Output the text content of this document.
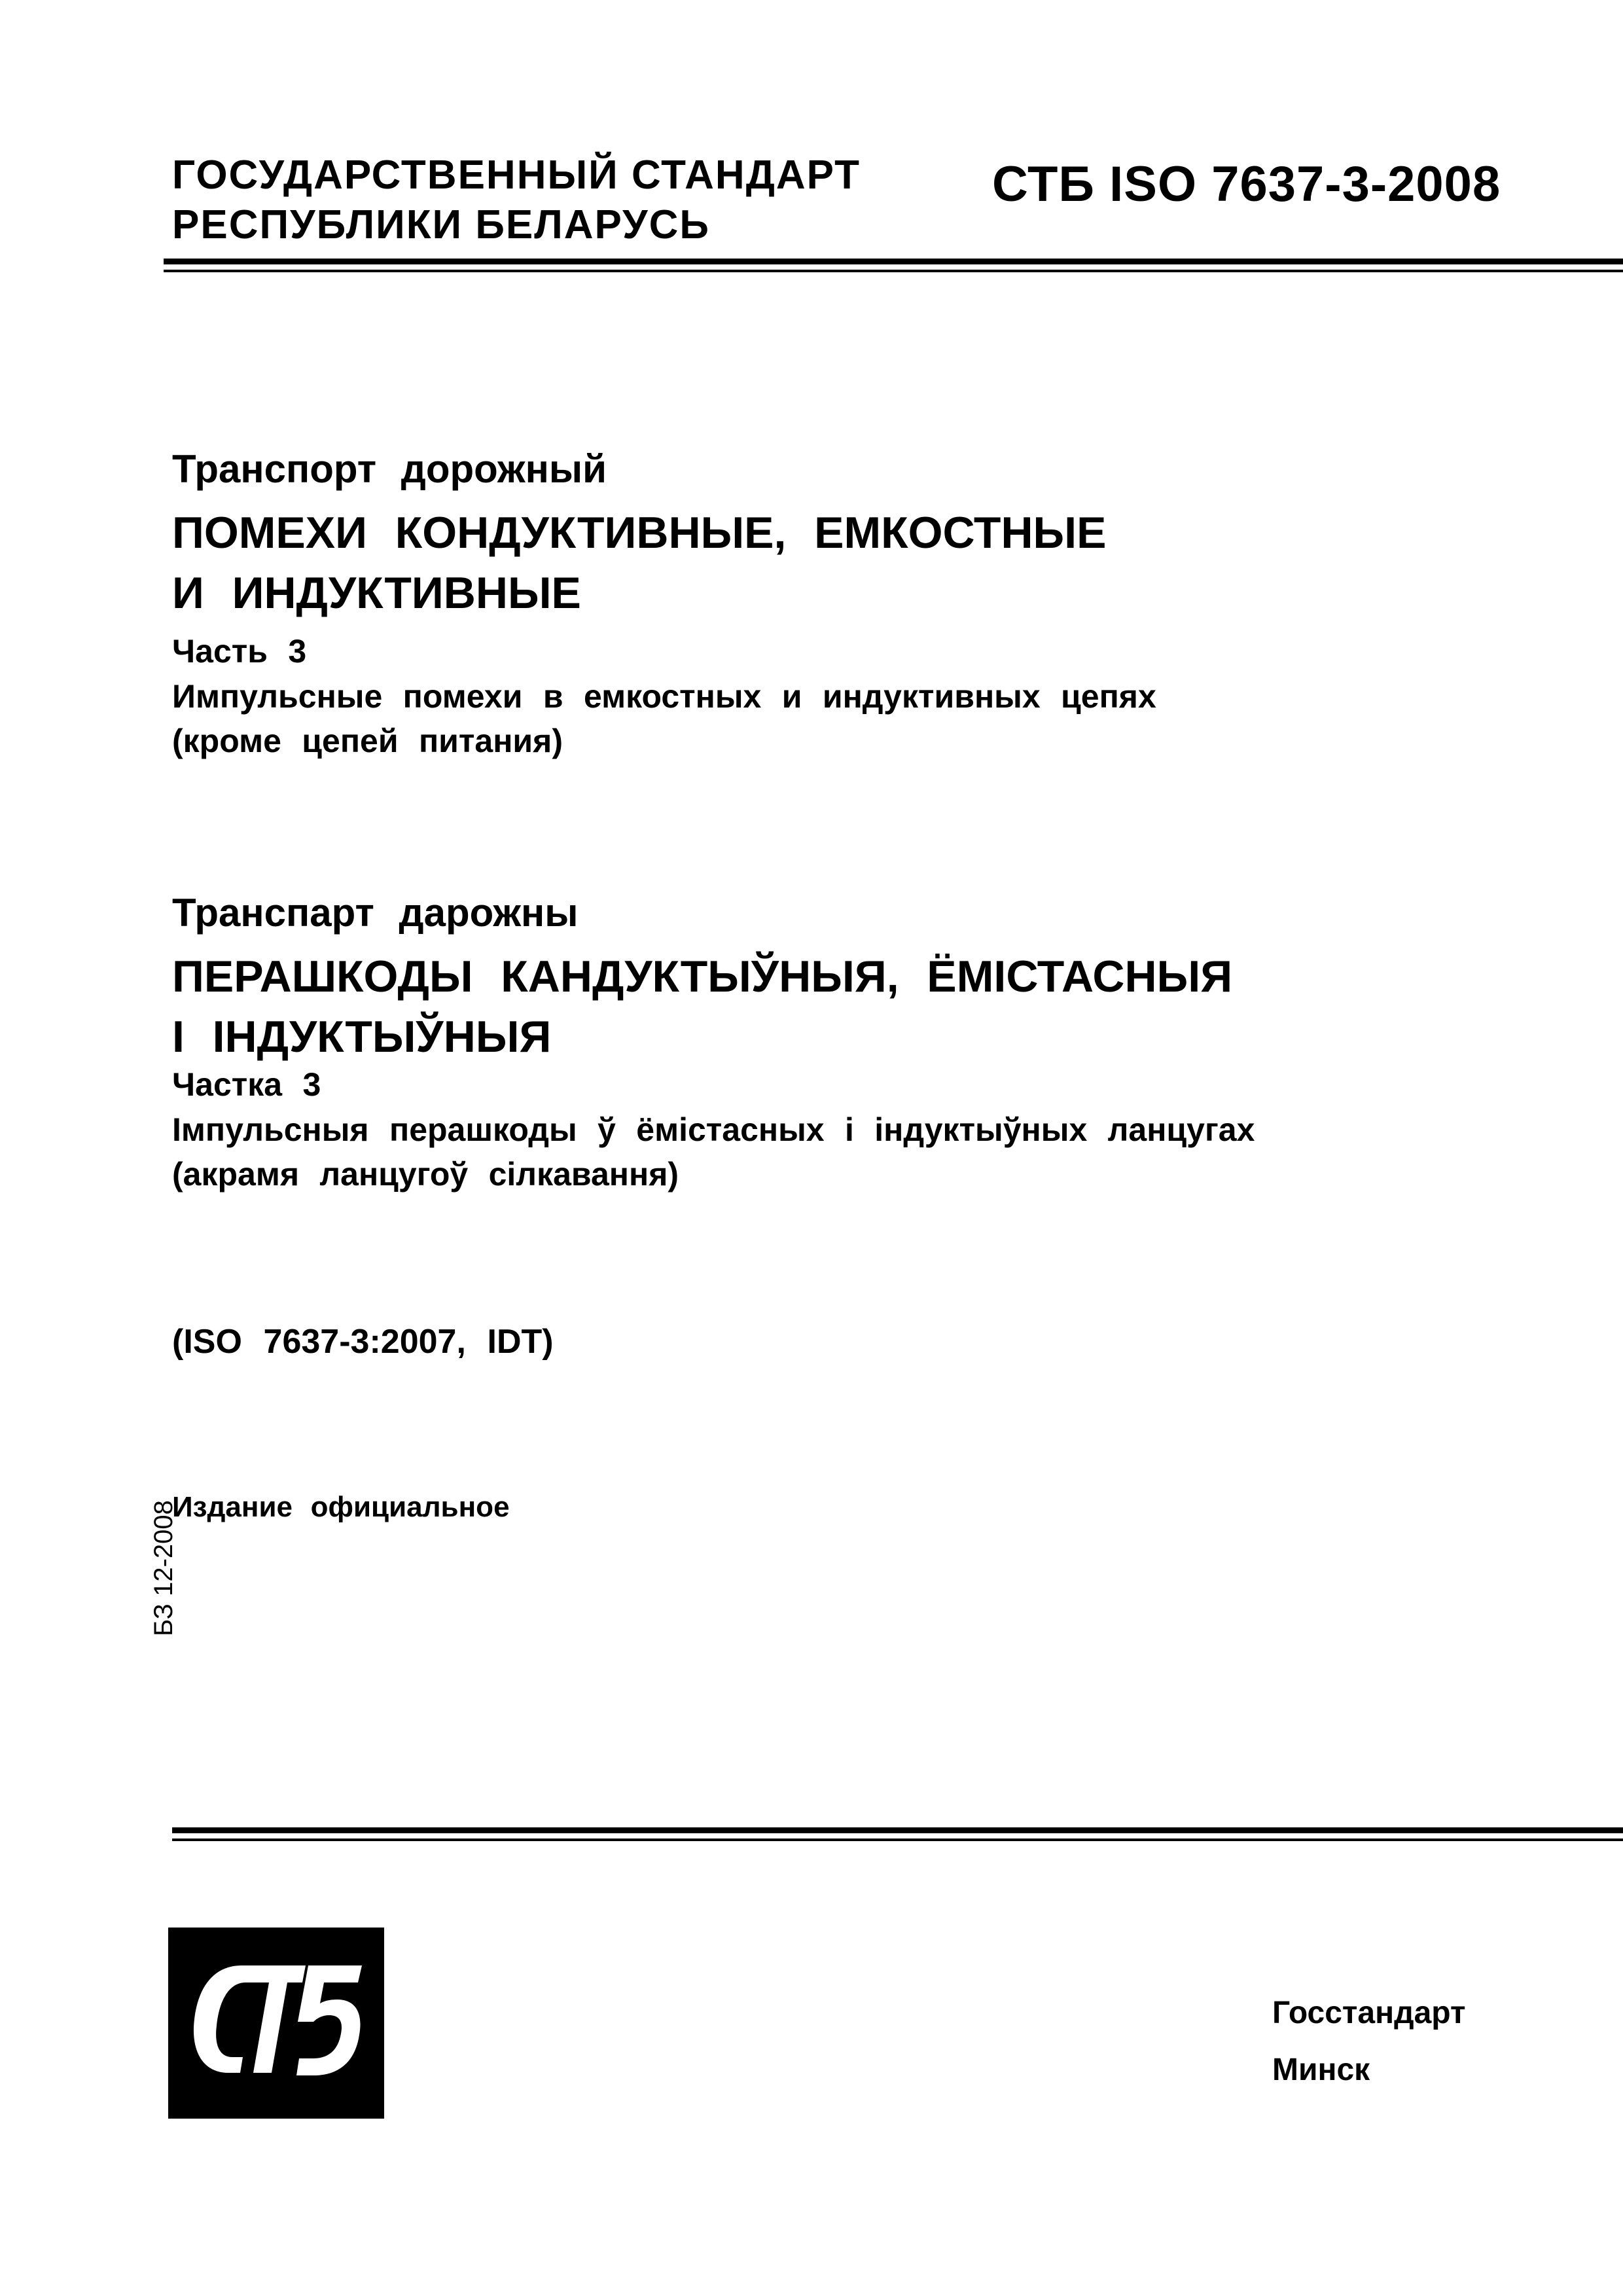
ГОСУДАРСТВЕННЫЙ СТАНДАРТ
РЕСПУБЛИКИ БЕЛАРУСЬ
СТБ ISO 7637-3-2008
Транспорт дорожный
ПОМЕХИ КОНДУКТИВНЫЕ, ЕМКОСТНЫЕ
И ИНДУКТИВНЫЕ
Часть 3
Импульсные помехи в емкостных и индуктивных цепях
(кроме цепей питания)
Транспарт дарожны
ПЕРАШКОДЫ КАНДУКТЫЎНЫЯ, ЁМІСТАСНЫЯ
І ІНДУКТЫЎНЫЯ
Частка 3
Імпульсныя перашкоды ў ёмістасных і індуктыўных ланцугах
(акрамя ланцугоў сілкавання)
(ISO 7637-3:2007, IDT)
Издание официальное
БЗ 12-2008
Госстандарт
Минск
